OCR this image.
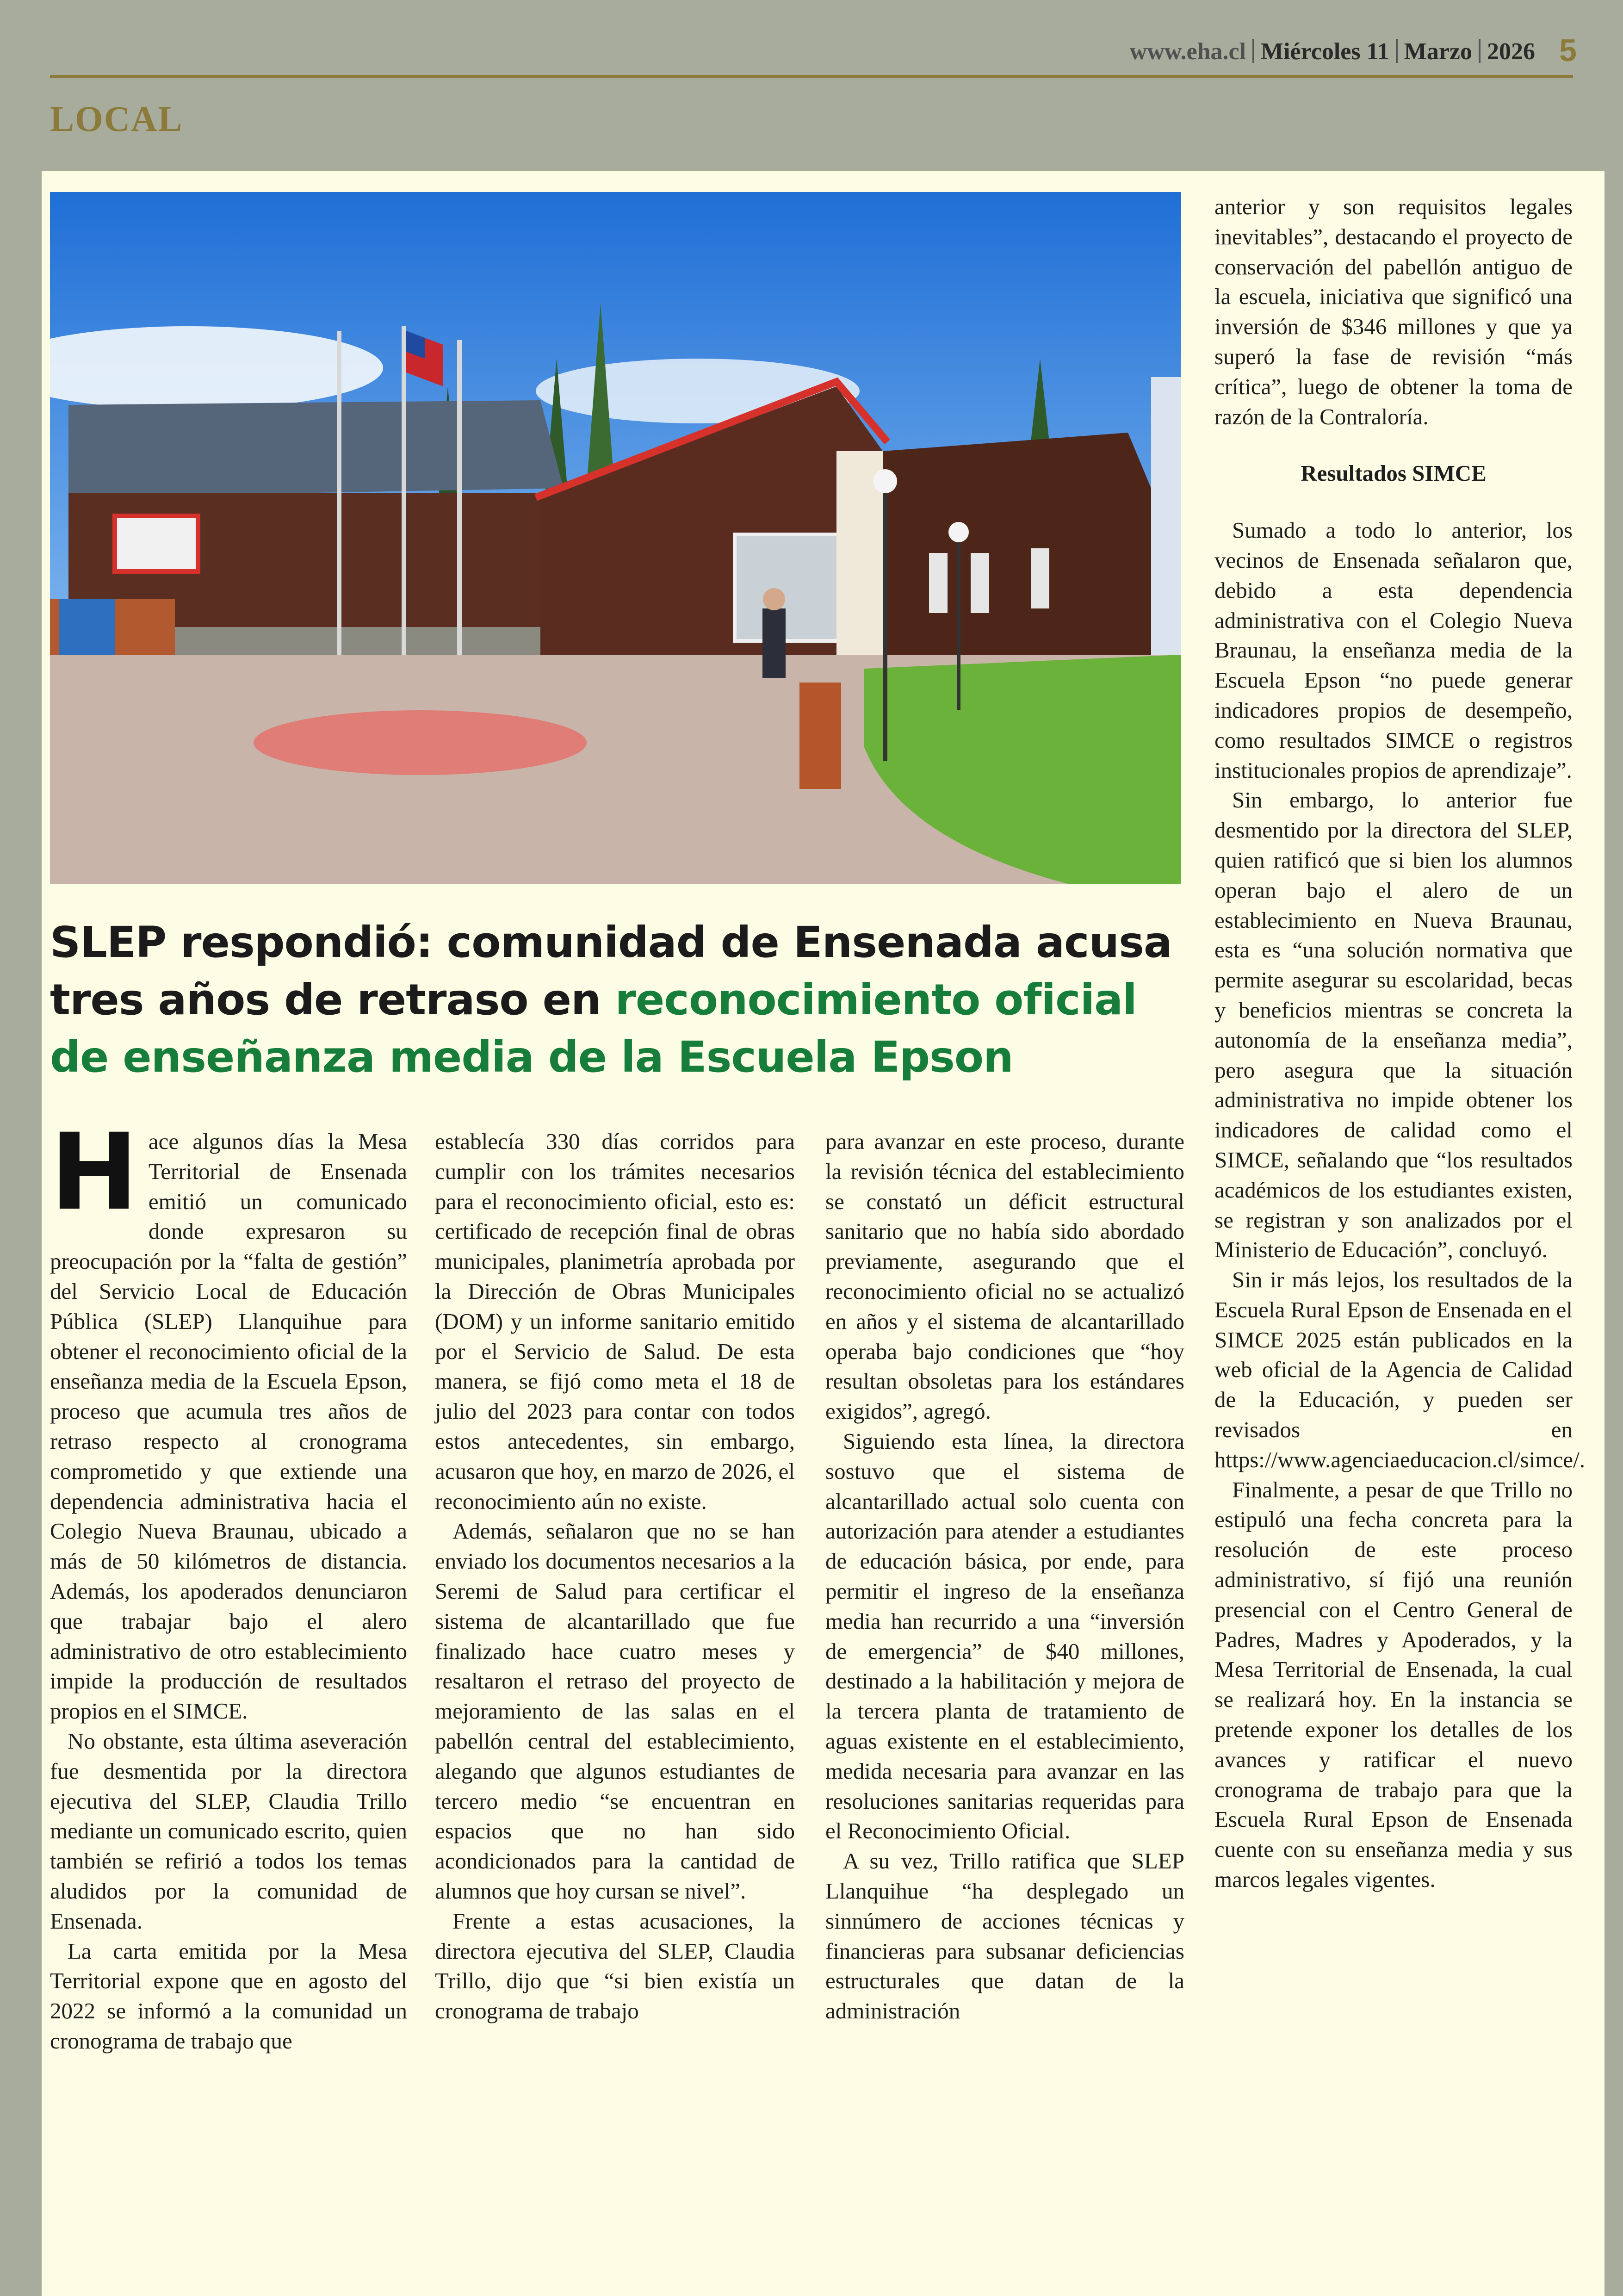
www.eha.cl Miércoles 11 Marzo 2026 5
LOCAL
SLEP respondió: comunidad de Ensenada acusa tres años de retraso en reconocimiento oficial de enseñanza media de la Escuela Epson

Hace algunos días la Mesa Territorial de Ensenada emitió un comunicado donde expresaron su preocupación por la “falta de gestión” del Servicio Local de Educación Pública (SLEP) Llanquihue para obtener el reconocimiento oficial de la enseñanza media de la Escuela Epson, proceso que acumula tres años de retraso respecto al cronograma comprometido y que extiende una dependencia administrativa hacia el Colegio Nueva Braunau, ubicado a más de 50 kilómetros de distancia. Además, los apoderados denunciaron que trabajar bajo el alero administrativo de otro establecimiento impide la producción de resultados propios en el SIMCE.

No obstante, esta última aseveración fue desmentida por la directora ejecutiva del SLEP, Claudia Trillo mediante un comunicado escrito, quien también se refirió a todos los temas aludidos por la comunidad de Ensenada.

La carta emitida por la Mesa Territorial expone que en agosto del 2022 se informó a la comunidad un cronograma de trabajo que

establecía 330 días corridos para cumplir con los trámites necesarios para el reconocimiento oficial, esto es: certificado de recepción final de obras municipales, planimetría aprobada por la Dirección de Obras Municipales (DOM) y un informe sanitario emitido por el Servicio de Salud. De esta manera, se fijó como meta el 18 de julio del 2023 para contar con todos estos antecedentes, sin embargo, acusaron que hoy, en marzo de 2026, el reconocimiento aún no existe.

Además, señalaron que no se han enviado los documentos necesarios a la Seremi de Salud para certificar el sistema de alcantarillado que fue finalizado hace cuatro meses y resaltaron el retraso del proyecto de mejoramiento de las salas en el pabellón central del establecimiento, alegando que algunos estudiantes de tercero medio “se encuentran en espacios que no han sido acondicionados para la cantidad de alumnos que hoy cursan se nivel”.

Frente a estas acusaciones, la directora ejecutiva del SLEP, Claudia Trillo, dijo que “si bien existía un cronograma de trabajo

para avanzar en este proceso, durante la revisión técnica del establecimiento se constató un déficit estructural sanitario que no había sido abordado previamente, asegurando que el reconocimiento oficial no se actualizó en años y el sistema de alcantarillado operaba bajo condiciones que “hoy resultan obsoletas para los estándares exigidos”, agregó.

Siguiendo esta línea, la directora sostuvo que el sistema de alcantarillado actual solo cuenta con autorización para atender a estudiantes de educación básica, por ende, para permitir el ingreso de la enseñanza media han recurrido a una “inversión de emergencia” de $40 millones, destinado a la habilitación y mejora de la tercera planta de tratamiento de aguas existente en el establecimiento, medida necesaria para avanzar en las resoluciones sanitarias requeridas para el Reconocimiento Oficial.

A su vez, Trillo ratifica que SLEP Llanquihue “ha desplegado un sinnúmero de acciones técnicas y financieras para subsanar deficiencias estructurales que datan de la administración

anterior y son requisitos legales inevitables”, destacando el proyecto de conservación del pabellón antiguo de la escuela, iniciativa que significó una inversión de $346 millones y que ya superó la fase de revisión “más crítica”, luego de obtener la toma de razón de la Contraloría.

Resultados SIMCE

Sumado a todo lo anterior, los vecinos de Ensenada señalaron que, debido a esta dependencia administrativa con el Colegio Nueva Braunau, la enseñanza media de la Escuela Epson “no puede generar indicadores propios de desempeño, como resultados SIMCE o registros institucionales propios de aprendizaje”.

Sin embargo, lo anterior fue desmentido por la directora del SLEP, quien ratificó que si bien los alumnos operan bajo el alero de un establecimiento en Nueva Braunau, esta es “una solución normativa que permite asegurar su escolaridad, becas y beneficios mientras se concreta la autonomía de la enseñanza media”, pero asegura que la situación administrativa no impide obtener los indicadores de calidad como el SIMCE, señalando que “los resultados académicos de los estudiantes existen, se registran y son analizados por el Ministerio de Educación”, concluyó.

Sin ir más lejos, los resultados de la Escuela Rural Epson de Ensenada en el SIMCE 2025 están publicados en la web oficial de la Agencia de Calidad de la Educación, y pueden ser revisados en https://www.agenciaeducacion.cl/simce/.

Finalmente, a pesar de que Trillo no estipuló una fecha concreta para la resolución de este proceso administrativo, sí fijó una reunión presencial con el Centro General de Padres, Madres y Apoderados, y la Mesa Territorial de Ensenada, la cual se realizará hoy. En la instancia se pretende exponer los detalles de los avances y ratificar el nuevo cronograma de trabajo para que la Escuela Rural Epson de Ensenada cuente con su enseñanza media y sus marcos legales vigentes.
